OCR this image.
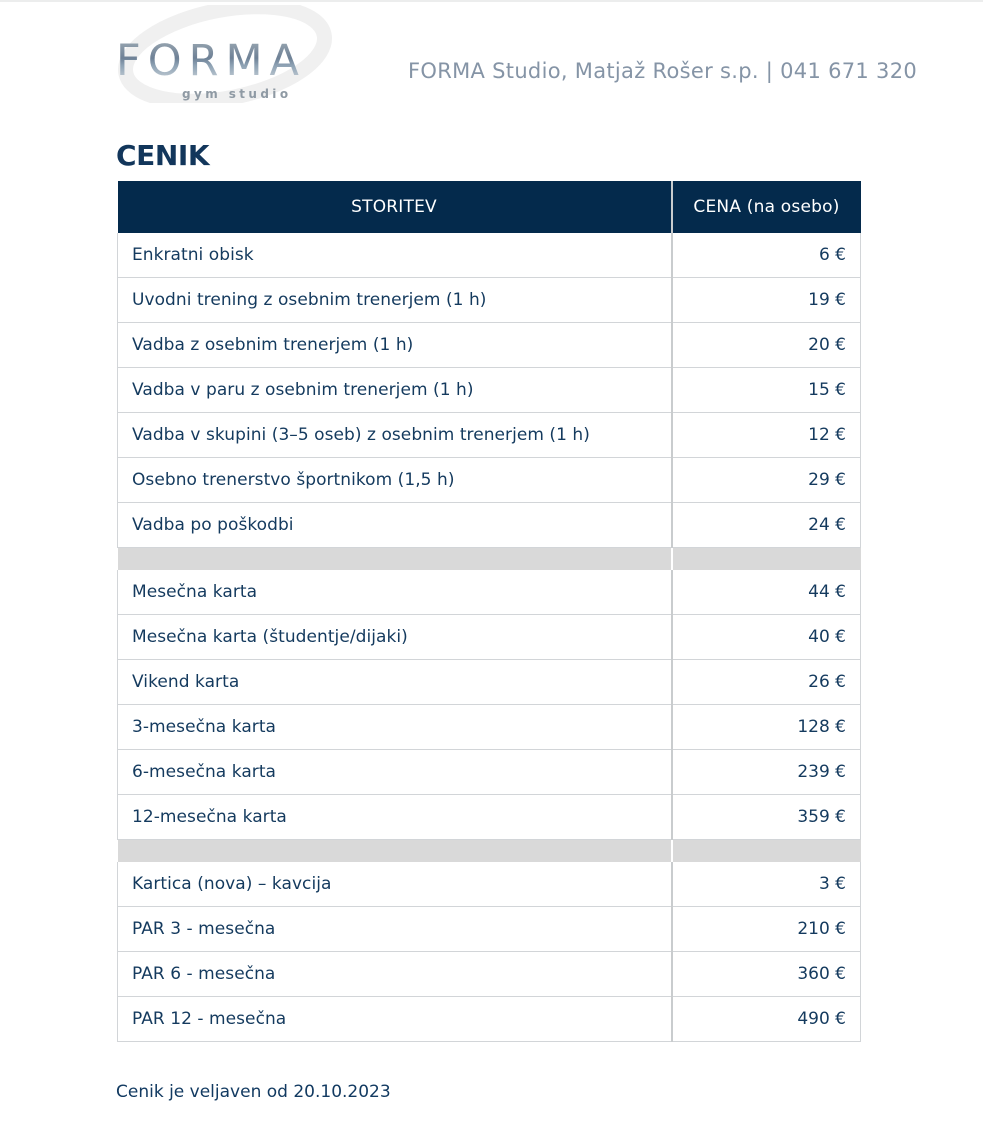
FORMA
gym studio
FORMA Studio, Matjaž Rošer s.p. | 041 671 320
CENIK
STORITEV	CENA (na osebo)
Enkratni obisk	6 €
Uvodni trening z osebnim trenerjem (1 h)	19 €
Vadba z osebnim trenerjem (1 h)	20 €
Vadba v paru z osebnim trenerjem (1 h)	15 €
Vadba v skupini (3–5 oseb) z osebnim trenerjem (1 h)	12 €
Osebno trenerstvo športnikom (1,5 h)	29 €
Vadba po poškodbi	24 €

Mesečna karta	44 €
Mesečna karta (študentje/dijaki)	40 €
Vikend karta	26 €
3-mesečna karta	128 €
6-mesečna karta	239 €
12-mesečna karta	359 €

Kartica (nova) – kavcija	3 €
PAR 3 - mesečna	210 €
PAR 6 - mesečna	360 €
PAR 12 - mesečna	490 €
Cenik je veljaven od 20.10.2023
